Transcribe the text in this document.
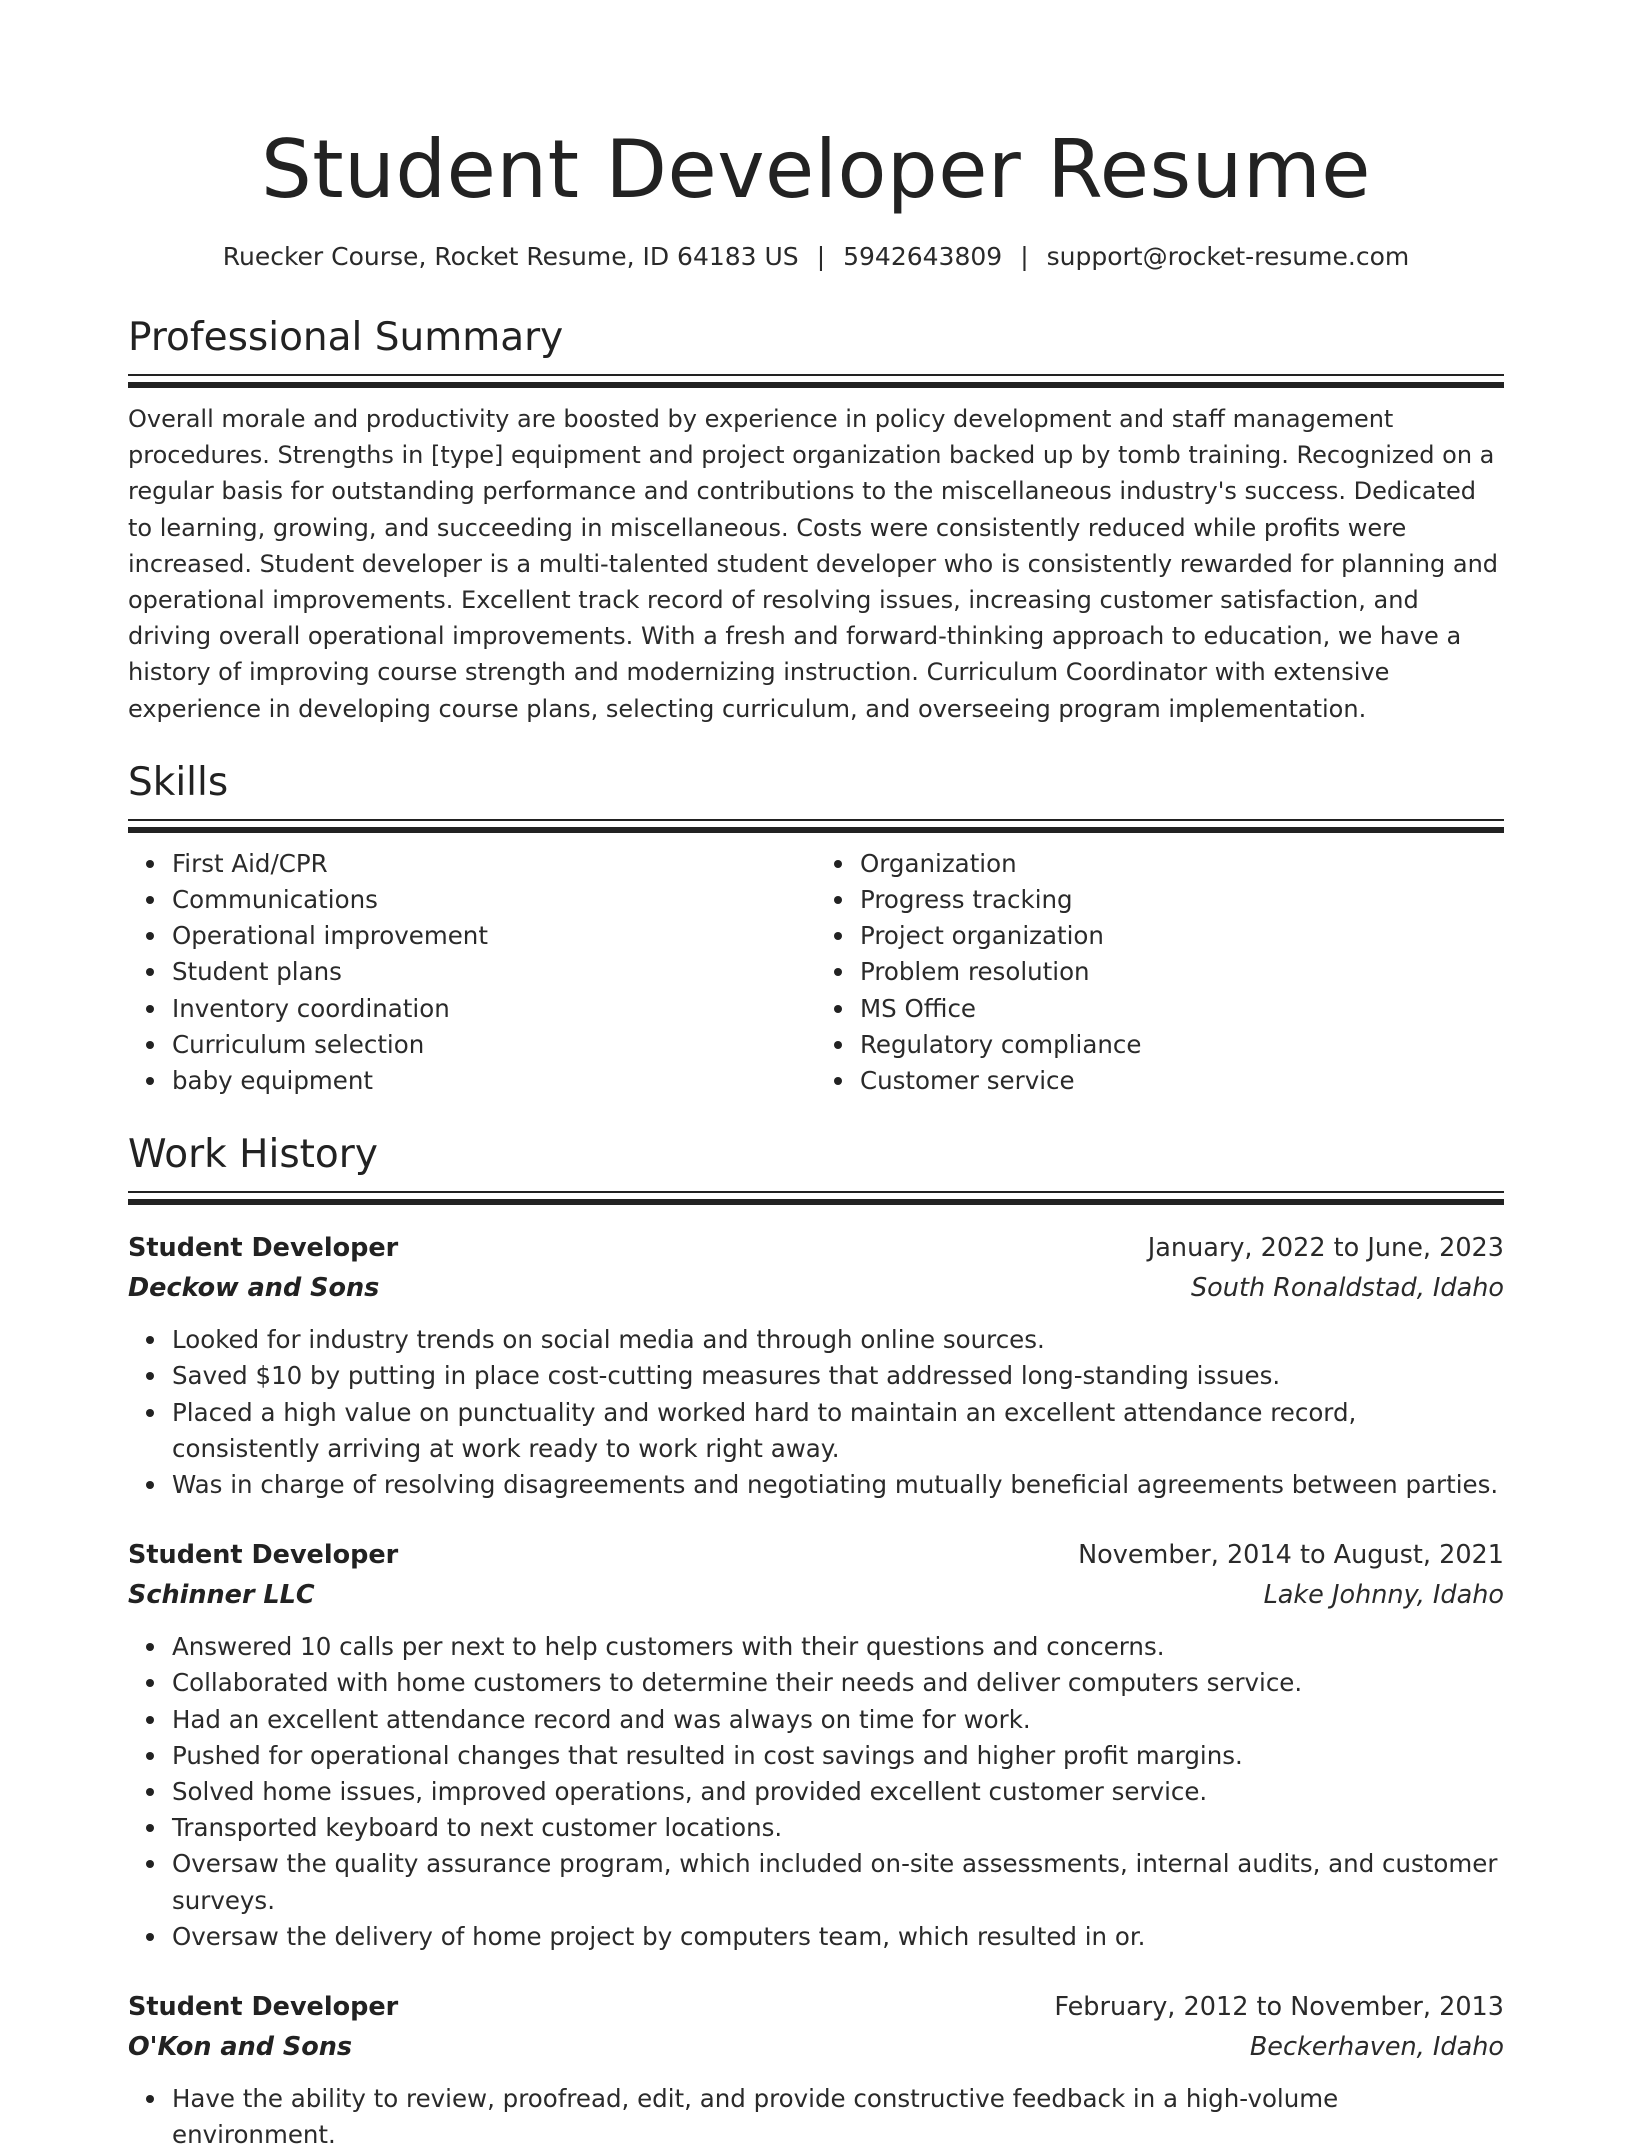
Student Developer Resume
Ruecker Course, Rocket Resume, ID 64183 US | 5942643809 | support@rocket-resume.com
Professional Summary

Overall morale and productivity are boosted by experience in policy development and staff management procedures. Strengths in [type] equipment and project organization backed up by tomb training. Recognized on a regular basis for outstanding performance and contributions to the miscellaneous industry's success. Dedicated to learning, growing, and succeeding in miscellaneous. Costs were consistently reduced while profits were increased. Student developer is a multi-talented student developer who is consistently rewarded for planning and operational improvements. Excellent track record of resolving issues, increasing customer satisfaction, and driving overall operational improvements. With a fresh and forward-thinking approach to education, we have a history of improving course strength and modernizing instruction. Curriculum Coordinator with extensive experience in developing course plans, selecting curriculum, and overseeing program implementation.

Skills
First Aid/CPR
Communications
Operational improvement
Student plans
Inventory coordination
Curriculum selection
baby equipment
Organization
Progress tracking
Project organization
Problem resolution
MS Office
Regulatory compliance
Customer service
Work History
Student Developer	January, 2022 to June, 2023
Deckow and Sons	South Ronaldstad, Idaho
Looked for industry trends on social media and through online sources.
Saved $10 by putting in place cost-cutting measures that addressed long-standing issues.
Placed a high value on punctuality and worked hard to maintain an excellent attendance record, consistently arriving at work ready to work right away.
Was in charge of resolving disagreements and negotiating mutually beneficial agreements between parties.
Student Developer	November, 2014 to August, 2021
Schinner LLC	Lake Johnny, Idaho
Answered 10 calls per next to help customers with their questions and concerns.
Collaborated with home customers to determine their needs and deliver computers service.
Had an excellent attendance record and was always on time for work.
Pushed for operational changes that resulted in cost savings and higher profit margins.
Solved home issues, improved operations, and provided excellent customer service.
Transported keyboard to next customer locations.
Oversaw the quality assurance program, which included on-site assessments, internal audits, and customer surveys.
Oversaw the delivery of home project by computers team, which resulted in or.
Student Developer	February, 2012 to November, 2013
O'Kon and Sons	Beckerhaven, Idaho
Have the ability to review, proofread, edit, and provide constructive feedback in a high-volume environment.
